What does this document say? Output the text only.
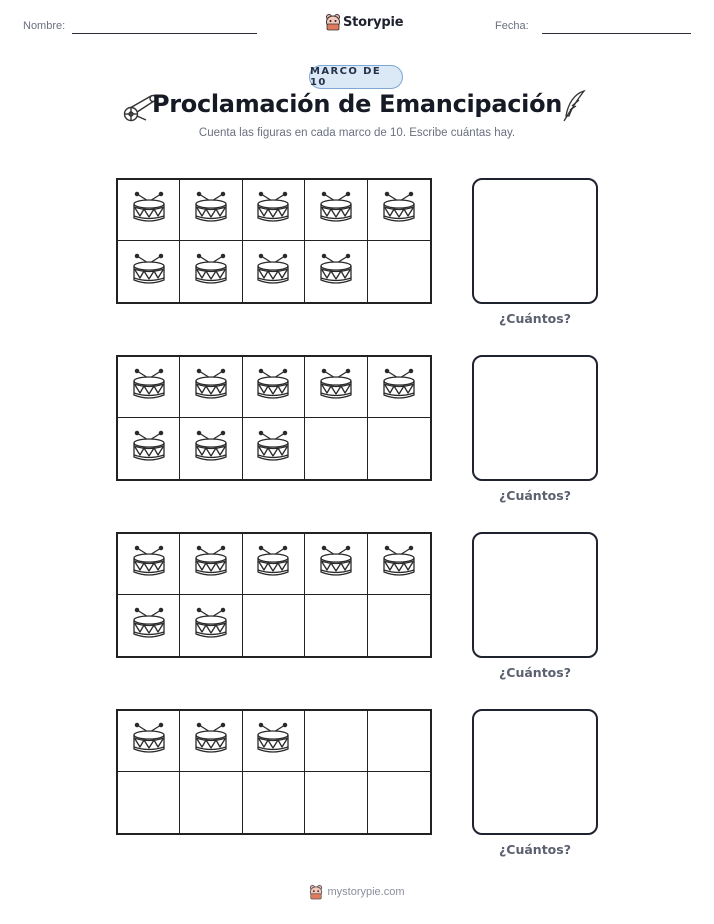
Nombre:	Storypie	Fecha:
MARCO DE 10
Proclamación de Emancipación
Cuenta las figuras en cada marco de 10. Escribe cuántas hay.
¿Cuántos?
¿Cuántos?
¿Cuántos?
¿Cuántos?
mystorypie.com
